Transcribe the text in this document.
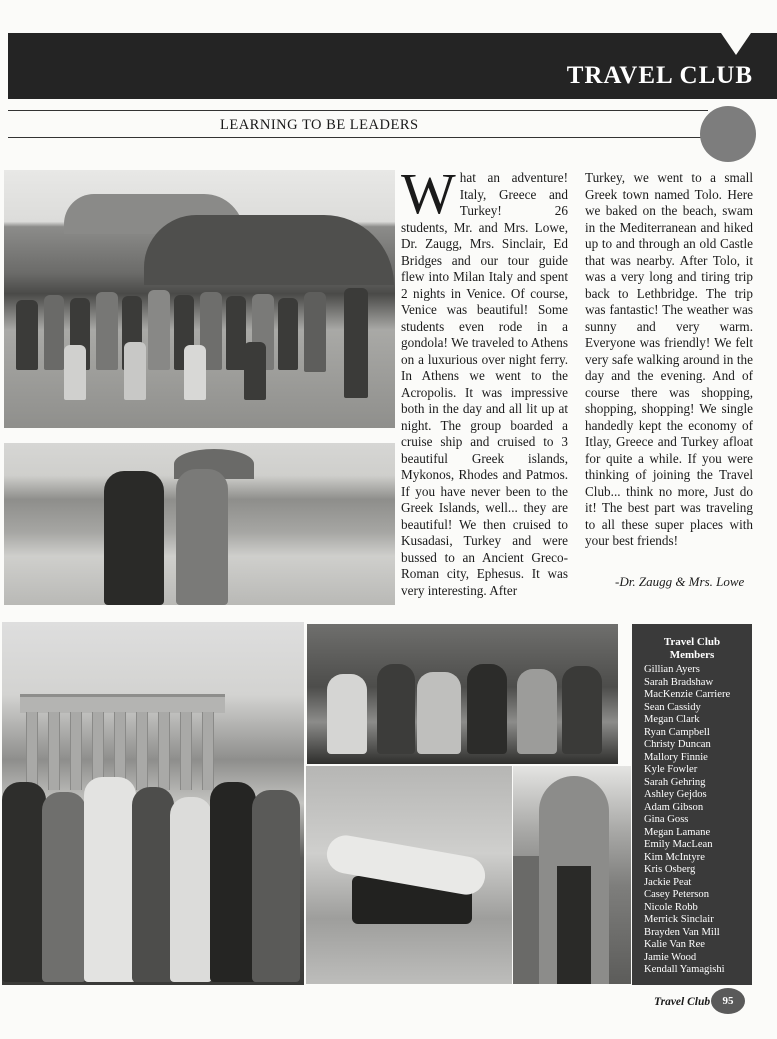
TRAVEL CLUB
LEARNING TO BE LEADERS
What an adventure! Italy, Greece and Turkey! 26 students, Mr. and Mrs. Lowe, Dr. Zaugg, Mrs. Sinclair, Ed Bridges and our tour guide flew into Milan Italy and spent 2 nights in Venice. Of course, Venice was beautiful! Some students even rode in a gondola! We traveled to Athens on a luxurious over night ferry. In Athens we went to the Acropolis. It was impressive both in the day and all lit up at night. The group boarded a cruise ship and cruised to 3 beautiful Greek islands, Mykonos, Rhodes and Patmos. If you have never been to the Greek Islands, well... they are beautiful! We then cruised to Kusadasi, Turkey and were bussed to an Ancient Greco- Roman city, Ephesus. It was very interesting. After
Turkey, we went to a small Greek town named Tolo. Here we baked on the beach, swam in the Mediterranean and hiked up to and through an old Castle that was nearby. After Tolo, it was a very long and tiring trip back to Lethbridge. The trip was fantastic! The weather was sunny and very warm. Everyone was friendly! We felt very safe walking around in the day and the evening. And of course there was shopping, shopping, shopping! We single handedly kept the economy of Itlay, Greece and Turkey afloat for quite a while. If you were thinking of joining the Travel Club... think no more, Just do it! The best part was traveling to all these super places with your best friends!
-Dr. Zaugg & Mrs. Lowe
Travel Club
Members
Gillian Ayers
Sarah Bradshaw
MacKenzie Carriere
Sean Cassidy
Megan Clark
Ryan Campbell
Christy Duncan
Mallory Finnie
Kyle Fowler
Sarah Gehring
Ashley Gejdos
Adam Gibson
Gina Goss
Megan Lamane
Emily MacLean
Kim McIntyre
Kris Osberg
Jackie Peat
Casey Peterson
Nicole Robb
Merrick Sinclair
Brayden Van Mill
Kalie Van Ree
Jamie Wood
Kendall Yamagishi
Travel Club	95
